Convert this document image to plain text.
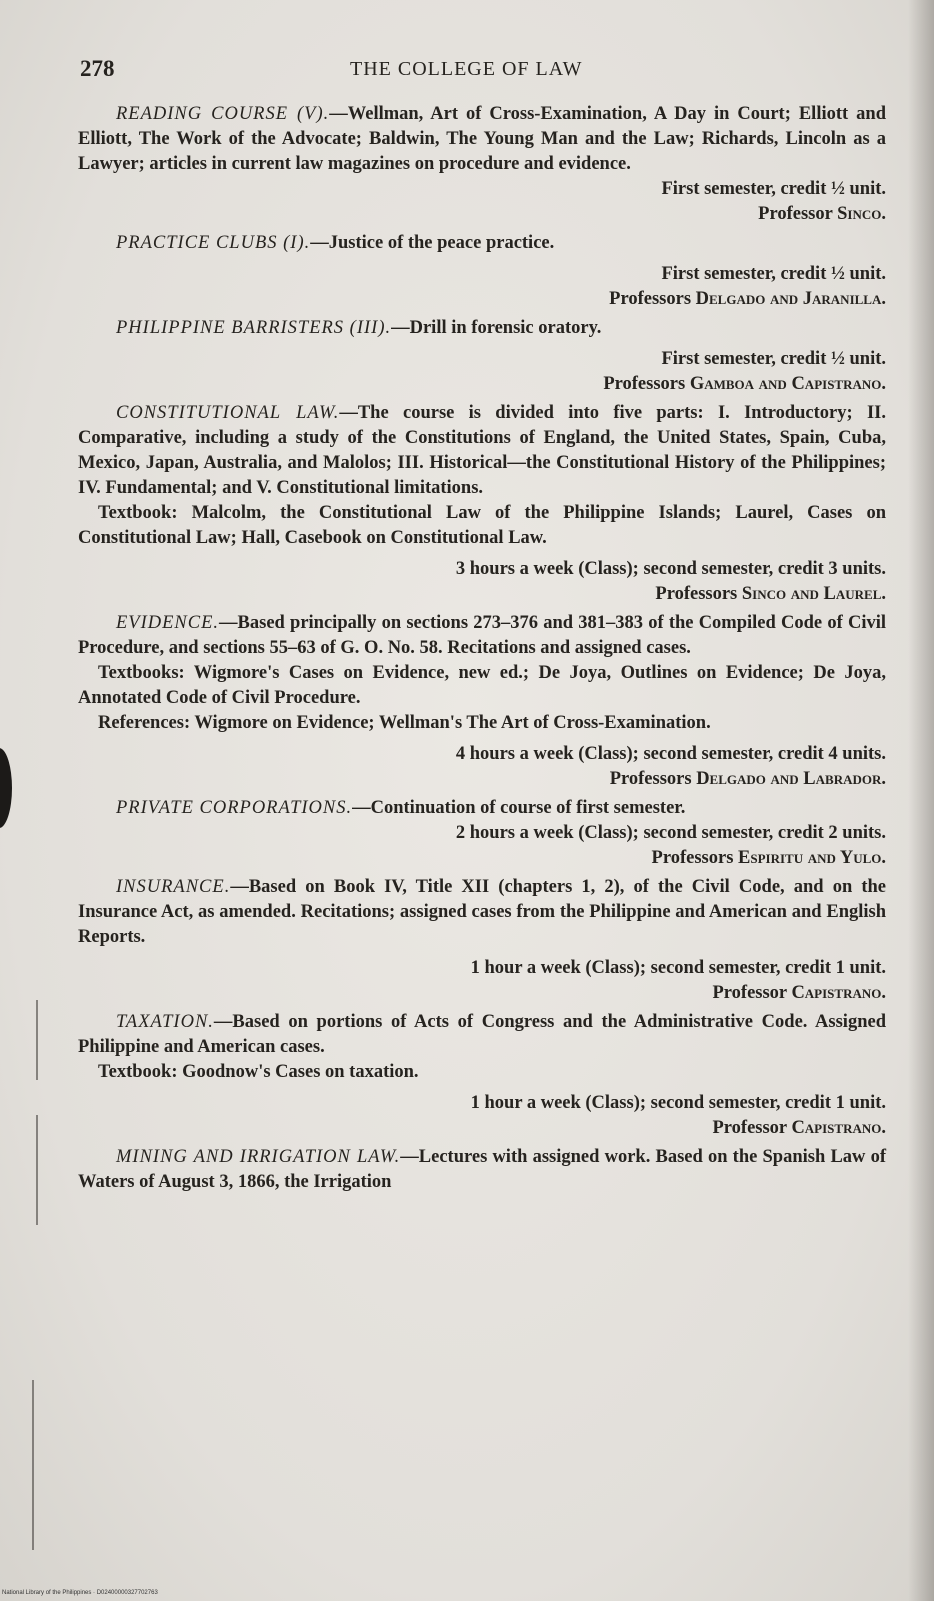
278	THE COLLEGE OF LAW

READING COURSE (V).—Wellman, Art of Cross-Examination, A Day in Court; Elliott and Elliott, The Work of the Advocate; Baldwin, The Young Man and the Law; Richards, Lincoln as a Lawyer; articles in current law magazines on procedure and evidence.

First semester, credit ½ unit.

Professor Sinco.

PRACTICE CLUBS (I).—Justice of the peace practice.

First semester, credit ½ unit.

Professors Delgado and Jaranilla.

PHILIPPINE BARRISTERS (III).—Drill in forensic oratory.

First semester, credit ½ unit.

Professors Gamboa and Capistrano.

CONSTITUTIONAL LAW.—The course is divided into five parts: I. Introductory; II. Comparative, including a study of the Constitutions of England, the United States, Spain, Cuba, Mexico, Japan, Australia, and Malolos; III. Historical—the Constitutional History of the Philippines; IV. Fundamental; and V. Constitutional limitations.

Textbook: Malcolm, the Constitutional Law of the Philippine Islands; Laurel, Cases on Constitutional Law; Hall, Casebook on Constitutional Law.

3 hours a week (Class); second semester, credit 3 units.

Professors Sinco and Laurel.

EVIDENCE.—Based principally on sections 273–376 and 381–383 of the Compiled Code of Civil Procedure, and sections 55–63 of G. O. No. 58. Recitations and assigned cases.

Textbooks: Wigmore's Cases on Evidence, new ed.; De Joya, Outlines on Evidence; De Joya, Annotated Code of Civil Procedure.

References: Wigmore on Evidence; Wellman's The Art of Cross-Examination.

4 hours a week (Class); second semester, credit 4 units.

Professors Delgado and Labrador.

PRIVATE CORPORATIONS.—Continuation of course of first semester.

2 hours a week (Class); second semester, credit 2 units.

Professors Espiritu and Yulo.

INSURANCE.—Based on Book IV, Title XII (chapters 1, 2), of the Civil Code, and on the Insurance Act, as amended. Recitations; assigned cases from the Philippine and American and English Reports.

1 hour a week (Class); second semester, credit 1 unit.

Professor Capistrano.

TAXATION.—Based on portions of Acts of Congress and the Administrative Code. Assigned Philippine and American cases.

Textbook: Goodnow's Cases on taxation.

1 hour a week (Class); second semester, credit 1 unit.

Professor Capistrano.

MINING AND IRRIGATION LAW.—Lectures with assigned work. Based on the Spanish Law of Waters of August 3, 1866, the Irrigation

National Library of the Philippines · D02400000327702763
